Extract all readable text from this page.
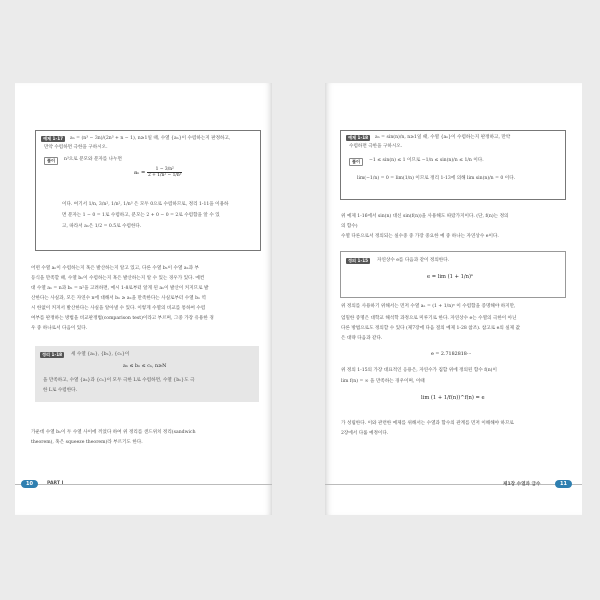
예제 1-17	aₙ = (n³ − 3n)/(2n³ + n − 1), n≥1일 때, 수열 {aₙ}이 수렴하는지 판정하고,
만약 수렴하면 극한을 구하시오.
풀이	n³으로 분모와 분자를 나누면
$a_n = \frac{\text{1 − 3/n²}}{\text{2 + 1/n² − 1/n³}}$
이다. 여기서 1/n, 3/n², 1/n², 1/n³ 은 모두 0으로 수렴하므로, 정리 1-11을 이용하
면 분자는 1 − 0 = 1로 수렴하고, 분모는 2 + 0 − 0 = 2로 수렴함을 알 수 있
고, 따라서 aₙ은 1/2 = 0.5로 수렴한다.
어떤 수열 aₙ이 수렴하는지 혹은 발산하는지 알고 있고, 다른 수열 bₙ이 수열 aₙ과 부
등식을 만족할 때, 수열 bₙ이 수렴하는지 혹은 발산하는지 알 수 있는 경우가 있다. 예컨
대 수열 aₙ = n과 bₙ = n²을 고려하면, 예시 1-8로부터 알게 된 aₙ이 발산이 커지므로 발
산한다는 사실과, 모든 자연수 n에 대해서 bₙ ≥ aₙ을 만족한다는 사실로부터 수열 bₙ 역
시 한없이 커져서 발산한다는 사실을 알아낼 수 있다. 이렇게 수열의 비교를 통하여 수렴
여부를 판정하는 방법을 비교판정법(comparison test)이라고 부르며, 그중 가장 유용한 경
우 중 하나로서 다음이 있다.
정리 1-18	세 수열 {aₙ}, {bₙ}, {cₙ}이
aₙ ≤ bₙ ≤ cₙ, n≥N
을 만족하고, 수열 {aₙ}과 {cₙ}이 모두 극한 L로 수렴하면, 수열 {bₙ}도 극
한 L로 수렴한다.
가운데 수열 bₙ이 두 수열 사이에 끼었다 하여 위 정리를 샌드위치 정리(sandwich
theorem), 혹은 squeeze theorem)라 부르기도 한다.
10	PART I
예제 1-18	aₙ = sin(n)/n, n≥1일 때, 수열 {aₙ}이 수렴하는지 판정하고, 만약
수렴하면 극한을 구하시오.
풀이	−1 ≤ sin(n) ≤ 1 이므로 −1/n ≤ sin(n)/n ≤ 1/n 이다.
lim(−1/n) = 0 = lim(1/n) 이므로 정리 1-13에 의해 lim sin(n)/n = 0 이다.
위 예제 1-16에서 sin(n) 대신 sin(f(n))을 사용해도 따랐가지이다. (단, f(n)는 정의
의 함수)
수열 다른으로서 정의되는 실수중 중 가장 중요한 예 중 하나는 자연상수 e이다.
정의 1-15	자연상수 e를 다음과 같이 정의한다.
e = lim (1 + 1/n)ⁿ
위 정의를 사용하기 위해서는 먼저 수열 aₙ = (1 + 1/n)ⁿ 이 수렴함을 증명해야 하지만,
엄밀한 증명은 대학교 해석학 과정으로 미루기로 한다. 자연상수 e는 수열의 극한이 아닌
다른 방법으로도 정의할 수 있다 (제7장에 다음 절의 예제 1-28 참조). 참고로 e의 실제 값
은 대략 다음과 같다.
e = 2.7182818···
위 정의 1-15의 가장 대표적인 응용은, 자연수가 집합 위에 정의된 함수 f(n)이
lim f(n) = ∞ 을 만족하는 경우이며, 이때
lim (1 + 1/f(n))^f(n) = e
가 성립한다. 이와 관련한 예제를 위해서는 수열과 함수의 관계를 먼저 이해해야 하므로
2장에서 다룰 예정이다.
제1장 수열과 급수	11
